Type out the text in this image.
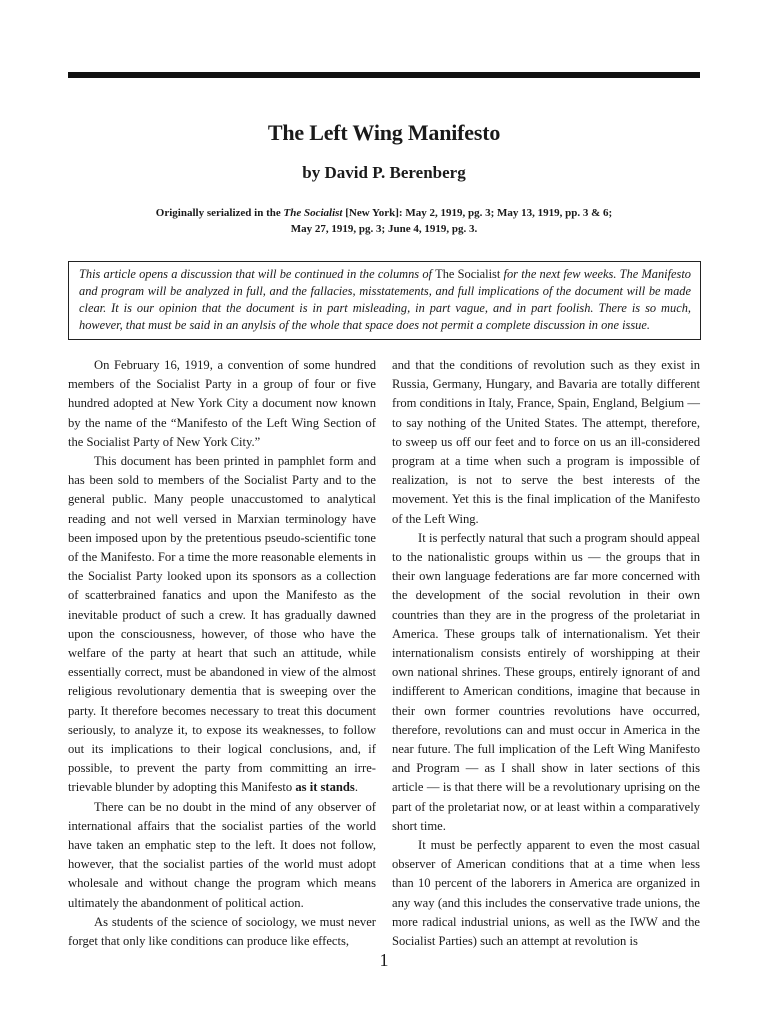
The Left Wing Manifesto
by David P. Berenberg
Originally serialized in the The Socialist [New York]: May 2, 1919, pg. 3; May 13, 1919, pp. 3 & 6;
May 27, 1919, pg. 3; June 4, 1919, pg. 3.
This article opens a discussion that will be continued in the columns of The Socialist for the next few weeks. The Manifesto and program will be analyzed in full, and the fallacies, misstatements, and full implications of the document will be made clear. It is our opinion that the document is in part misleading, in part vague, and in part foolish. There is so much, however, that must be said in an anylsis of the whole that space does not permit a complete discussion in one issue.

On February 16, 1919, a convention of some hundred members of the Socialist Party in a group of four or five hundred adopted at New York City a document now known by the name of the “Manifesto of the Left Wing Section of the Socialist Party of New York City.”

This document has been printed in pamphlet form and has been sold to members of the Socialist Party and to the general public. Many people unaccustomed to analytical reading and not well versed in Marxian terminology have been imposed upon by the pretentious pseudo-scientific tone of the Manifesto. For a time the more reasonable elements in the Socialist Party looked upon its sponsors as a collection of scatterbrained fanatics and upon the Manifesto as the inevitable product of such a crew. It has gradually dawned upon the consciousness, however, of those who have the welfare of the party at heart that such an attitude, while essentially correct, must be abandoned in view of the almost religious revolutionary dementia that is sweeping over the party. It therefore becomes necessary to treat this document seriously, to analyze it, to expose its weaknesses, to follow out its implications to their logical conclusions, and, if possible, to prevent the party from committing an irretrievable blunder by adopting this Manifesto as it stands.

There can be no doubt in the mind of any observer of international affairs that the socialist parties of the world have taken an emphatic step to the left. It does not follow, however, that the socialist parties of the world must adopt wholesale and without change the program which means ultimately the abandonment of political action.

As students of the science of sociology, we must never forget that only like conditions can produce like effects,

and that the conditions of revolution such as they exist in Russia, Germany, Hungary, and Bavaria are totally different from conditions in Italy, France, Spain, England, Belgium — to say nothing of the United States. The attempt, therefore, to sweep us off our feet and to force on us an ill-considered program at a time when such a program is impossible of realization, is not to serve the best interests of the movement. Yet this is the final implication of the Manifesto of the Left Wing.

It is perfectly natural that such a program should appeal to the nationalistic groups within us — the groups that in their own language federations are far more concerned with the development of the social revolution in their own countries than they are in the progress of the proletariat in America. These groups talk of internationalism. Yet their internationalism consists entirely of worshipping at their own national shrines. These groups, entirely ignorant of and indifferent to American conditions, imagine that because in their own former countries revolutions have occurred, therefore, revolutions can and must occur in America in the near future. The full implication of the Left Wing Manifesto and Program — as I shall show in later sections of this article — is that there will be a revolutionary uprising on the part of the proletariat now, or at least within a comparatively short time.

It must be perfectly apparent to even the most casual observer of American conditions that at a time when less than 10 percent of the laborers in America are organized in any way (and this includes the conservative trade unions, the more radical industrial unions, as well as the IWW and the Socialist Parties) such an attempt at revolution is

1
